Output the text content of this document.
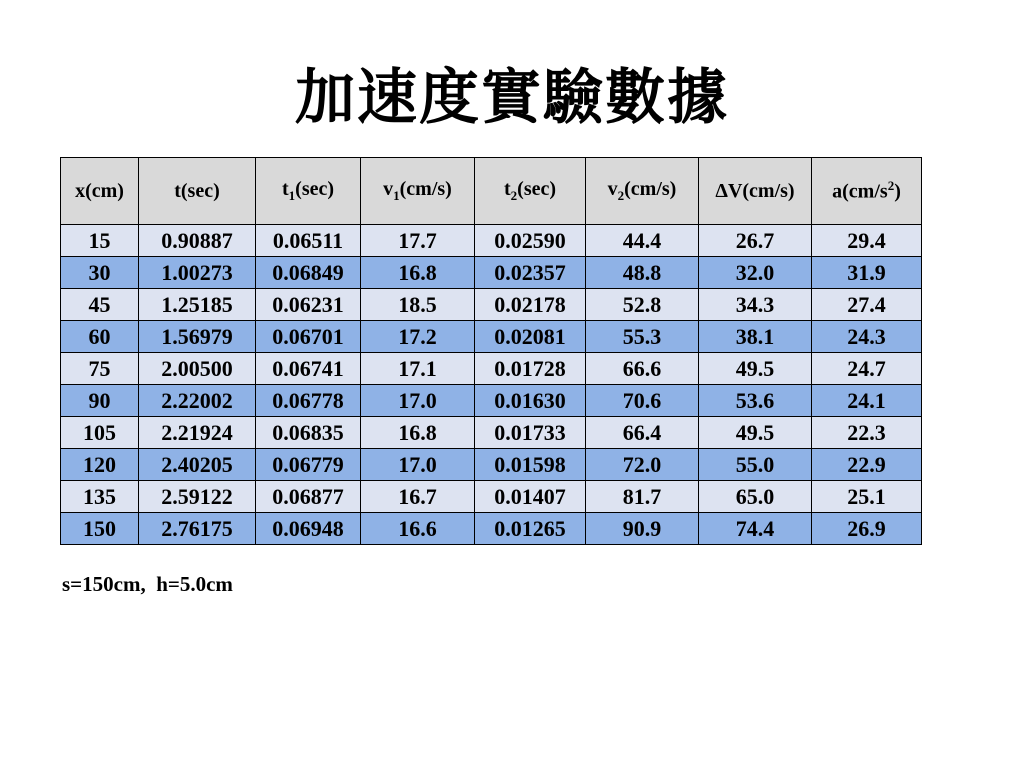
加速度實驗數據
x(cm)	t(sec)	$t_1(\sec)$	$v_1(cm/s)$	$t_2(\sec)$	$v_2(cm/s)$	ΔV(cm/s)	$a(cm/s^2)$
15	0.90887	0.06511	17.7	0.02590	44.4	26.7	29.4
30	1.00273	0.06849	16.8	0.02357	48.8	32.0	31.9
45	1.25185	0.06231	18.5	0.02178	52.8	34.3	27.4
60	1.56979	0.06701	17.2	0.02081	55.3	38.1	24.3
75	2.00500	0.06741	17.1	0.01728	66.6	49.5	24.7
90	2.22002	0.06778	17.0	0.01630	70.6	53.6	24.1
105	2.21924	0.06835	16.8	0.01733	66.4	49.5	22.3
120	2.40205	0.06779	17.0	0.01598	72.0	55.0	22.9
135	2.59122	0.06877	16.7	0.01407	81.7	65.0	25.1
150	2.76175	0.06948	16.6	0.01265	90.9	74.4	26.9
s=150cm,  h=5.0cm
